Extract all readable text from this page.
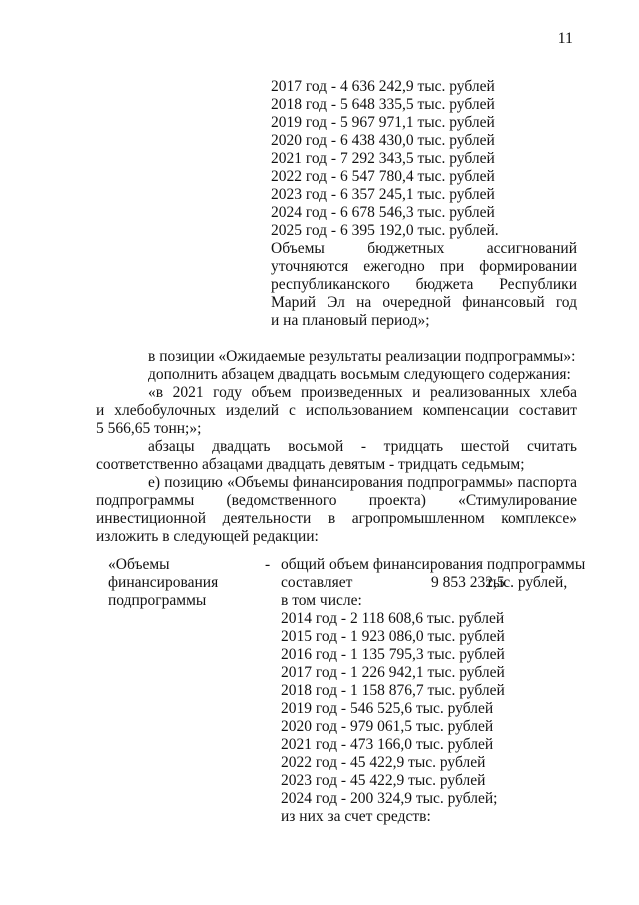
11
2017 год - 4 636 242,9 тыс. рублей
2018 год - 5 648 335,5 тыс. рублей
2019 год - 5 967 971,1 тыс. рублей
2020 год - 6 438 430,0 тыс. рублей
2021 год - 7 292 343,5 тыс. рублей
2022 год - 6 547 780,4 тыс. рублей
2023 год - 6 357 245,1 тыс. рублей
2024 год - 6 678 546,3 тыс. рублей
2025 год - 6 395 192,0 тыс. рублей.
Объемы бюджетных ассигнований
уточняются ежегодно при формировании
республиканского бюджета Республики
Марий Эл на очередной финансовый год
и на плановый период»;
в позиции «Ожидаемые результаты реализации подпрограммы»:
дополнить абзацем двадцать восьмым следующего содержания:
«в 2021 году объем произведенных и реализованных хлеба
и хлебобулочных изделий с использованием компенсации составит
5 566,65 тонн;»;
абзацы двадцать восьмой - тридцать шестой считать
соответственно абзацами двадцать девятым - тридцать седьмым;
е) позицию «Объемы финансирования подпрограммы» паспорта
подпрограммы (ведомственного проекта) «Стимулирование
инвестиционной деятельности в агропромышленном комплексе»
изложить в следующей редакции:
«Объемы
финансирования
подпрограммы
- общий объем финансирования подпрограммы
составляет	9 853 232,5
тыс. рублей,
в том числе:
2014 год - 2 118 608,6 тыс. рублей
2015 год - 1 923 086,0 тыс. рублей
2016 год - 1 135 795,3 тыс. рублей
2017 год - 1 226 942,1 тыс. рублей
2018 год - 1 158 876,7 тыс. рублей
2019 год - 546 525,6 тыс. рублей
2020 год - 979 061,5 тыс. рублей
2021 год - 473 166,0 тыс. рублей
2022 год - 45 422,9 тыс. рублей
2023 год - 45 422,9 тыс. рублей
2024 год - 200 324,9 тыс. рублей;
из них за счет средств:
